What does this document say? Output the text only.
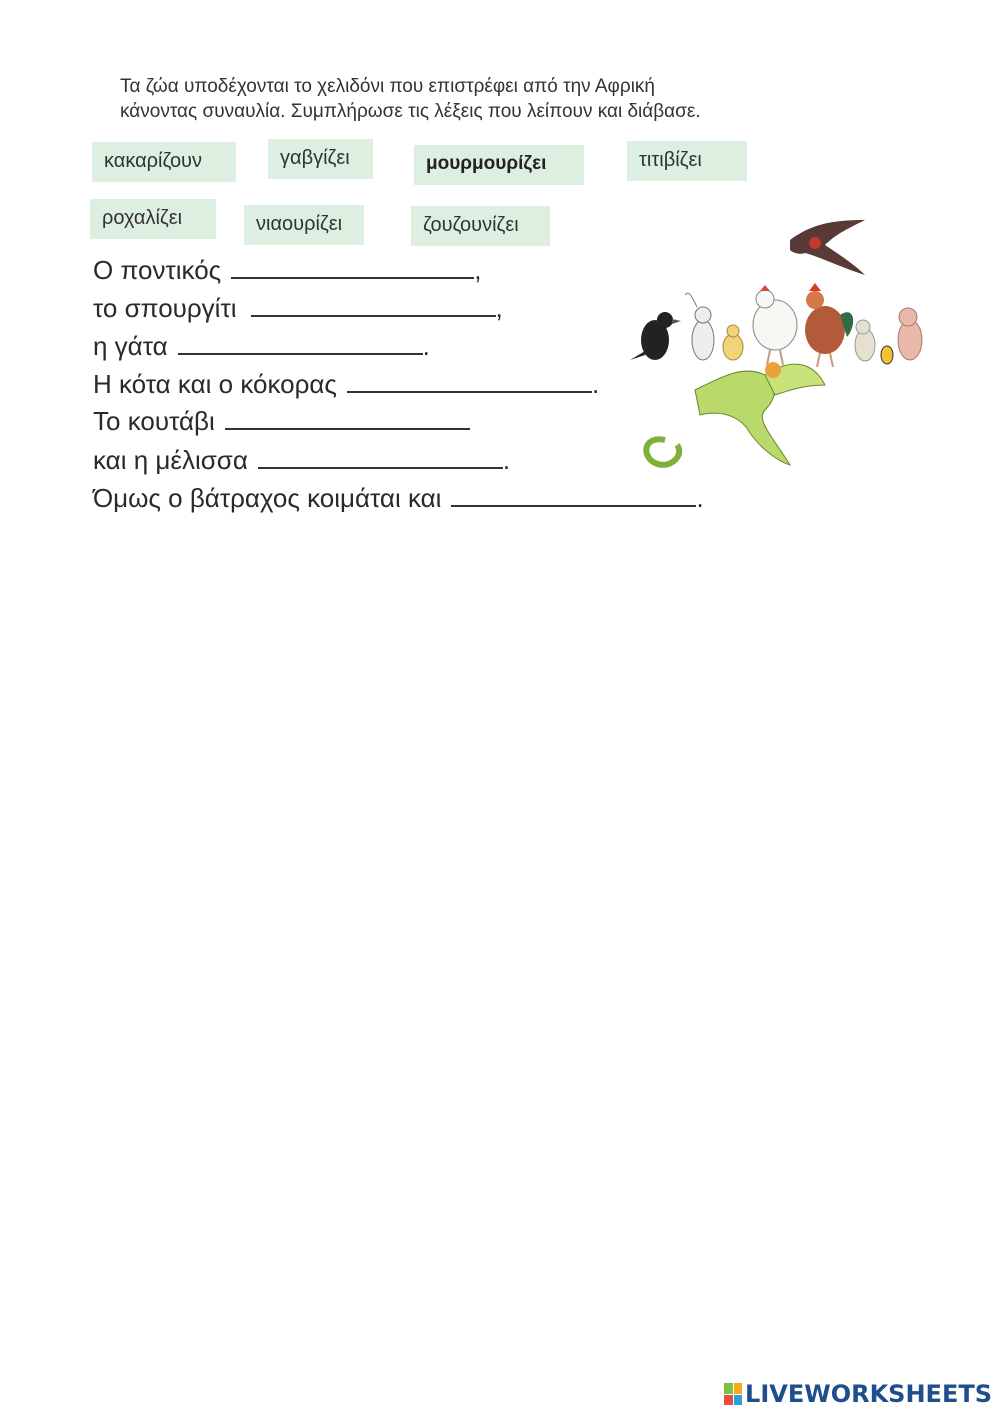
Τα ζώα υποδέχονται το χελιδόνι που επιστρέφει από την Αφρική
κάνοντας συναυλία. Συμπλήρωσε τις λέξεις που λείπουν και διάβασε.
κακαρίζουν	γαβγίζει	μουρμουρίζει	τιτιβίζει
ροχαλίζει	νιαουρίζει	ζουζουνίζει
Ο ποντικός	,
το σπουργίτι	,
η γάτα	.
Η κότα και ο κόκορας	.
Το κουτάβι
και η μέλισσα	.
Όμως ο βάτραχος κοιμάται και	.
LIVEWORKSHEETS
